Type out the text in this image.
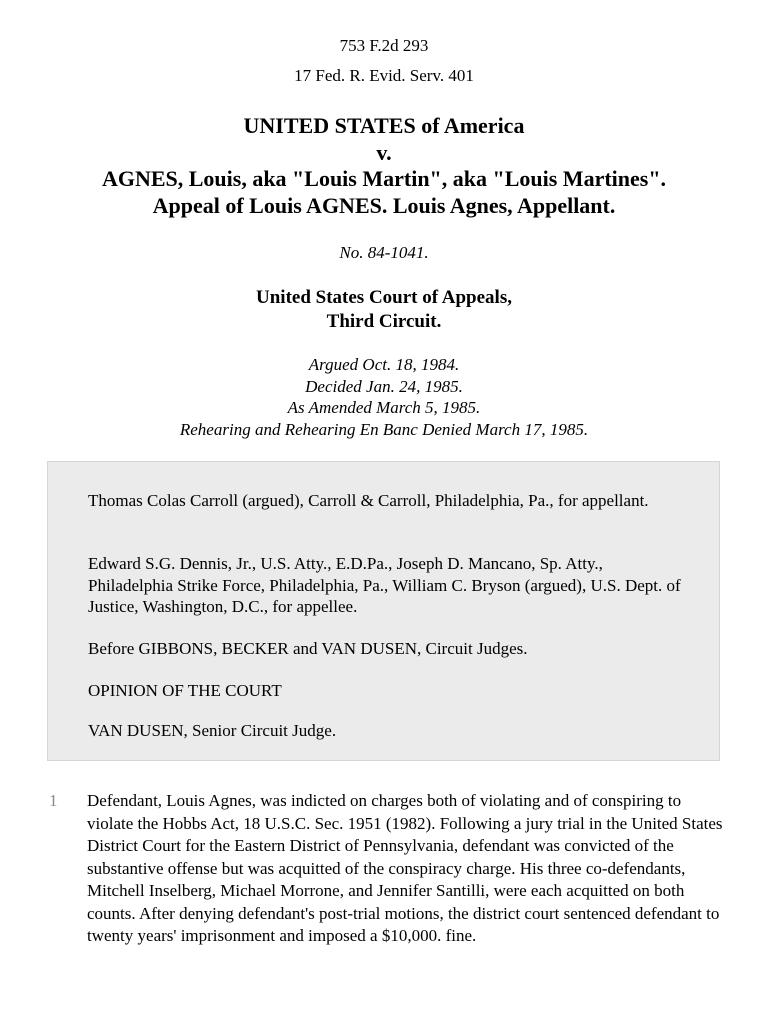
753 F.2d 293
17 Fed. R. Evid. Serv. 401
UNITED STATES of America
v.
AGNES, Louis, aka "Louis Martin", aka "Louis Martines".
Appeal of Louis AGNES. Louis Agnes, Appellant.
No. 84-1041.
United States Court of Appeals,
Third Circuit.
Argued Oct. 18, 1984.
Decided Jan. 24, 1985.
As Amended March 5, 1985.
Rehearing and Rehearing En Banc Denied March 17, 1985.

Thomas Colas Carroll (argued), Carroll & Carroll, Philadelphia, Pa., for appellant.

Edward S.G. Dennis, Jr., U.S. Atty., E.D.Pa., Joseph D. Mancano, Sp. Atty., Philadelphia Strike Force, Philadelphia, Pa., William C. Bryson (argued), U.S. Dept. of Justice, Washington, D.C., for appellee.

Before GIBBONS, BECKER and VAN DUSEN, Circuit Judges.

OPINION OF THE COURT

VAN DUSEN, Senior Circuit Judge.

1 Defendant, Louis Agnes, was indicted on charges both of violating and of conspiring to violate the Hobbs Act, 18 U.S.C. Sec. 1951 (1982). Following a jury trial in the United States District Court for the Eastern District of Pennsylvania, defendant was convicted of the substantive offense but was acquitted of the conspiracy charge. His three co-defendants, Mitchell Inselberg, Michael Morrone, and Jennifer Santilli, were each acquitted on both counts. After denying defendant's post-trial motions, the district court sentenced defendant to twenty years' imprisonment and imposed a $10,000. fine.
